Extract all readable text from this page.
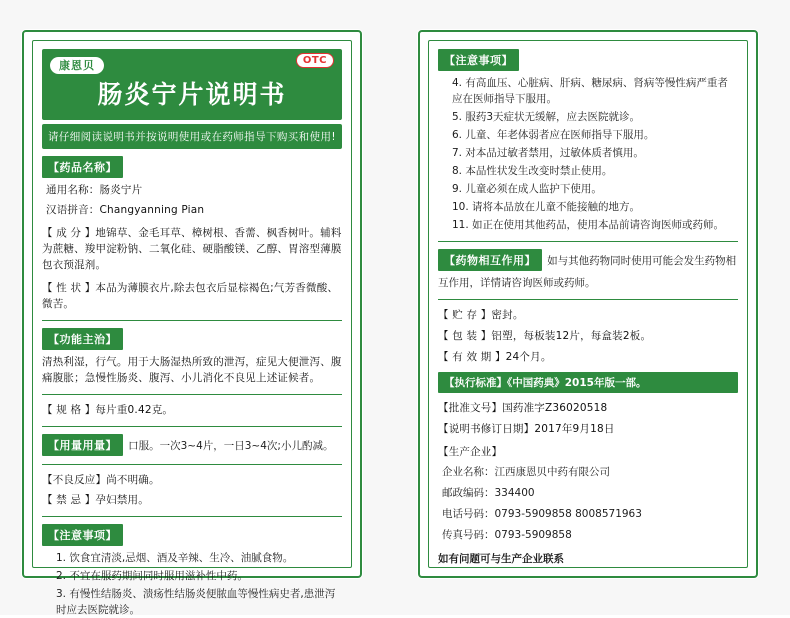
康恩贝	OTC
肠炎宁片说明书
请仔细阅读说明书并按说明使用或在药师指导下购买和使用!
【药品名称】
通用名称：肠炎宁片
汉语拼音：Changyanning Pian
【 成 分 】地锦草、金毛耳草、樟树根、香薷、枫香树叶。辅料为蔗糖、羧甲淀粉钠、二氧化硅、硬脂酸镁、乙醇、胃溶型薄膜包衣预混剂。
【 性 状 】本品为薄膜衣片,除去包衣后显棕褐色;气芳香微酸、微苦。
【功能主治】
清热利湿，行气。用于大肠湿热所致的泄泻，症见大便泄泻、腹痛腹胀；急慢性肠炎、腹泻、小儿消化不良见上述证候者。
【 规 格 】每片重0.42克。
【用量用量】 口服。一次3~4片，一日3~4次;小儿酌减。
【不良反应】尚不明确。
【 禁 忌 】孕妇禁用。
【注意事项】
1. 饮食宜清淡,忌烟、酒及辛辣、生冷、油腻食物。
2. 不宜在服药期间同时服用滋补性中药。
3. 有慢性结肠炎、溃疡性结肠炎便脓血等慢性病史者,患泄泻时应去医院就诊。
【注意事项】
4. 有高血压、心脏病、肝病、糖尿病、肾病等慢性病严重者应在医师指导下服用。
5. 服药3天症状无缓解，应去医院就诊。
6. 儿童、年老体弱者应在医师指导下服用。
7. 对本品过敏者禁用，过敏体质者慎用。
8. 本品性状发生改变时禁止使用。
9. 儿童必须在成人监护下使用。
10. 请将本品放在儿童不能接触的地方。
11. 如正在使用其他药品，使用本品前请咨询医师或药师。
【药物相互作用】 如与其他药物同时使用可能会发生药物相互作用，详情请咨询医师或药师。
【 贮 存 】密封。
【 包 装 】铝塑，每板装12片，每盒装2板。
【 有 效 期 】24个月。
【执行标准】《中国药典》2015年版一部。
【批准文号】国药准字Z36020518
【说明书修订日期】2017年9月18日
【生产企业】
企业名称：江西康恩贝中药有限公司
邮政编码：334400
电话号码：0793-5909858 8008571963
传真号码：0793-5909858
如有问题可与生产企业联系
